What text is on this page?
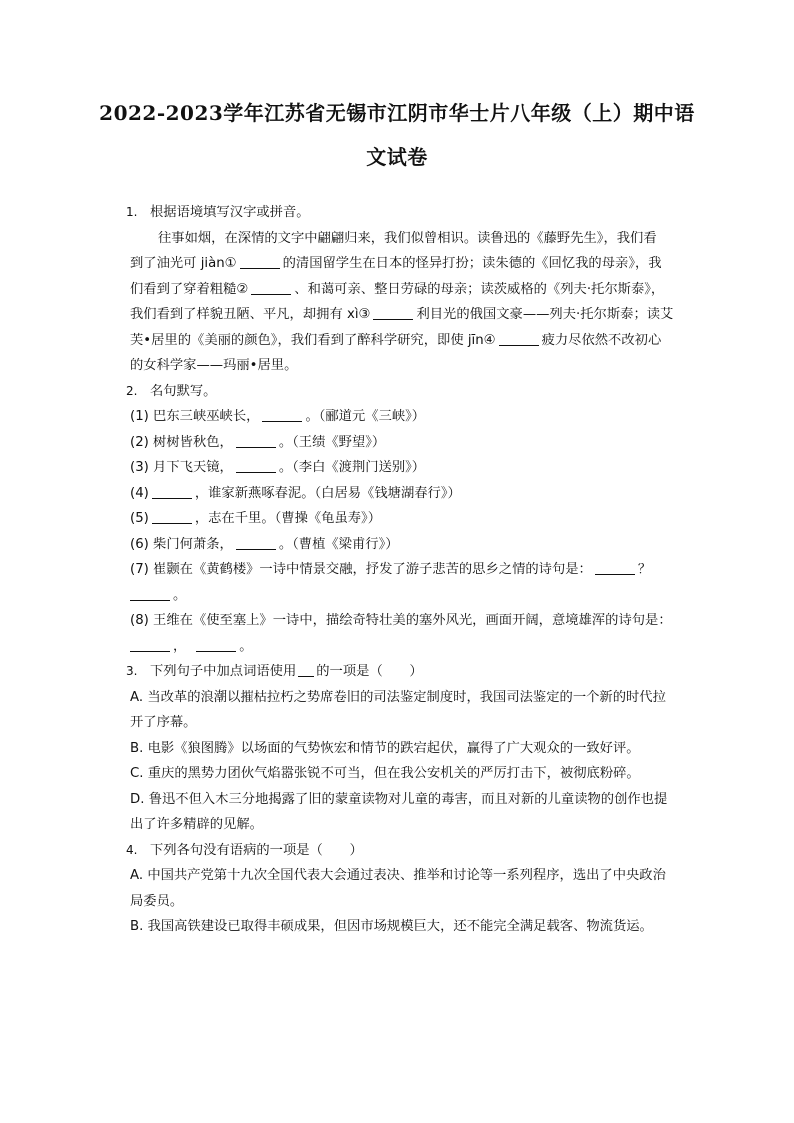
2022-2023学年江苏省无锡市江阴市华士片八年级（上）期中语
文试卷
1. 根据语境填写汉字或拼音。
往事如烟，在深情的文字中翩翩归来，我们似曾相识。读鲁迅的《藤野先生》，我们看
到了油光可 jiàn①	的清国留学生在日本的怪异打扮；读朱德的《回忆我的母亲》，我
们看到了穿着粗糙②	、和蔼可亲、整日劳碌的母亲；读茨威格的《列夫·托尔斯泰》，
我们看到了样貌丑陋、平凡，却拥有 xì③	利目光的俄国文豪——列夫·托尔斯泰；读艾
芙•居里的《美丽的颜色》，我们看到了醉科学研究，即使 jīn④	疲力尽依然不改初心
的女科学家——玛丽•居里。
2. 名句默写。
(1) 巴东三峡巫峡长，	。（郦道元《三峡》）
(2) 树树皆秋色，	。（王绩《野望》）
(3) 月下飞天镜，	。（李白《渡荆门送别》）
(4)	，谁家新燕啄春泥。（白居易《钱塘湖春行》）
(5)	，志在千里。（曹操《龟虽寿》）
(6) 柴门何萧条，	。（曹植《梁甫行》）
(7) 崔颢在《黄鹤楼》一诗中情景交融，抒发了游子悲苦的思乡之情的诗句是：	？
。
(8) 王维在《使至塞上》一诗中，描绘奇特壮美的塞外风光，画面开阔，意境雄浑的诗句是：
，	。
3. 下列句子中加点词语使用 的一项是（　　）
A. 当改革的浪潮以摧枯拉朽之势席卷旧的司法鉴定制度时，我国司法鉴定的一个新的时代拉
开了序幕。
B. 电影《狼图腾》以场面的气势恢宏和情节的跌宕起伏，赢得了广大观众的一致好评。
C. 重庆的黑势力团伙气焰嚣张锐不可当，但在我公安机关的严厉打击下，被彻底粉碎。
D. 鲁迅不但入木三分地揭露了旧的蒙童读物对儿童的毒害，而且对新的儿童读物的创作也提
出了许多精辟的见解。
4. 下列各句没有语病的一项是（　　）
A. 中国共产党第十九次全国代表大会通过表决、推举和讨论等一系列程序，选出了中央政治
局委员。
B. 我国高铁建设已取得丰硕成果，但因市场规模巨大，还不能完全满足载客、物流货运。
